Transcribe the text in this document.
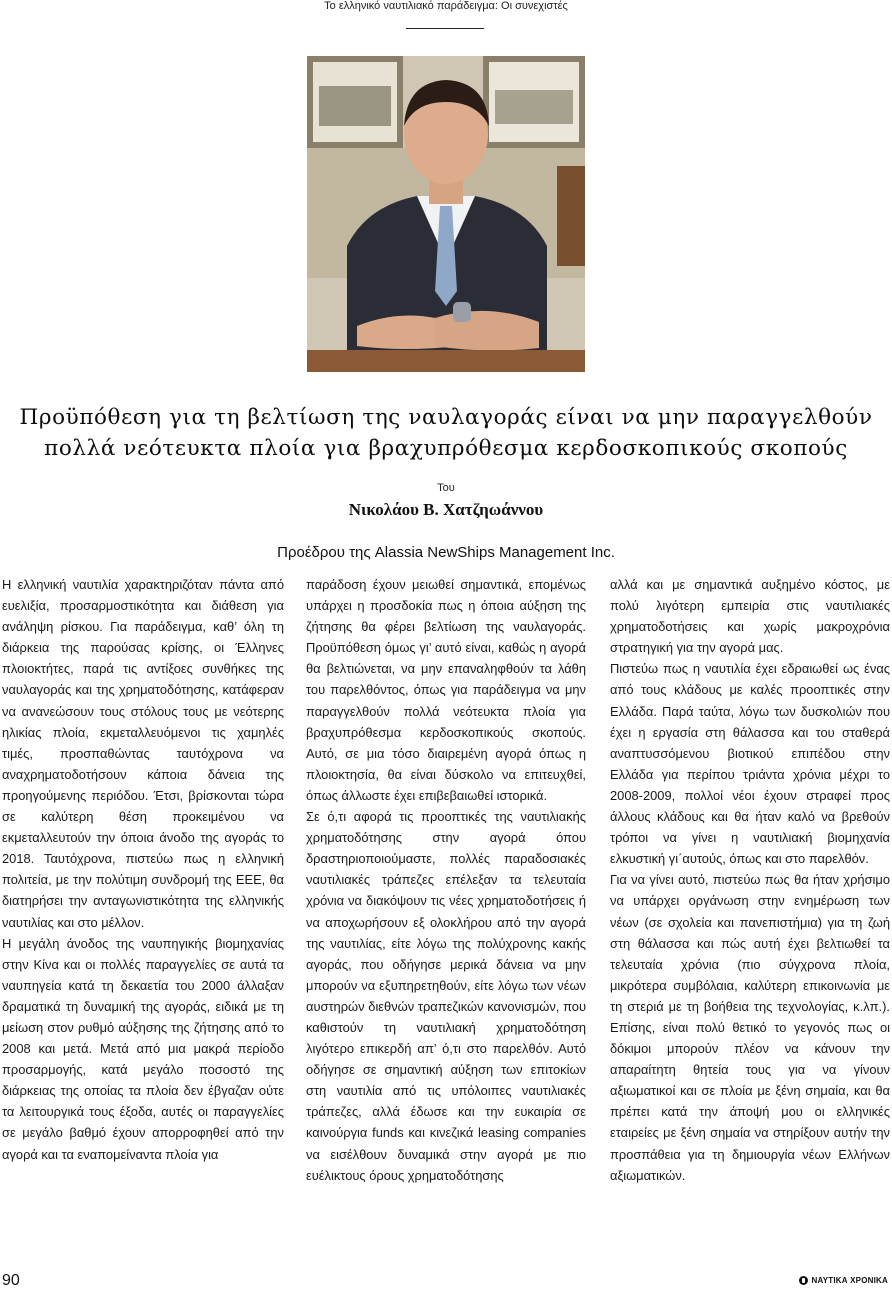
Το ελληνικό ναυτιλιακό παράδειγμα: Οι συνεχιστές
Προϋπόθεση για τη βελτίωση της ναυλαγοράς είναι να μην παραγγελθούν πολλά νεότευκτα πλοία για βραχυπρόθεσμα κερδοσκοπικούς σκοπούς
Του
Νικολάου Β. Χατζηωάννου
Προέδρου της Alassia NewShips Management Inc.

Η ελληνική ναυτιλία χαρακτηριζόταν πάντα από ευελιξία, προσαρμοστικότητα και διάθεση για ανάληψη ρίσκου. Για παράδειγμα, καθ’ όλη τη διάρκεια της παρούσας κρίσης, οι Έλληνες πλοιοκτήτες, παρά τις αντίξοες συνθήκες της ναυλαγοράς και της χρηματοδότησης, κατάφεραν να ανανεώσουν τους στόλους τους με νεότερης ηλικίας πλοία, εκμεταλλευόμενοι τις χαμηλές τιμές, προσπαθώντας ταυτόχρονα να αναχρηματοδοτήσουν κάποια δάνεια της προηγούμενης περιόδου. Έτσι, βρίσκονται τώρα σε καλύτερη θέση προκειμένου να εκμεταλλευτούν την όποια άνοδο της αγοράς το 2018. Ταυτόχρονα, πιστεύω πως η ελληνική πολιτεία, με την πολύτιμη συνδρομή της ΕΕΕ, θα διατηρήσει την ανταγωνιστικότητα της ελληνικής ναυτιλίας και στο μέλλον.

Η μεγάλη άνοδος της ναυπηγικής βιομηχανίας στην Κίνα και οι πολλές παραγγελίες σε αυτά τα ναυπηγεία κατά τη δεκαετία του 2000 άλλαξαν δραματικά τη δυναμική της αγοράς, ειδικά με τη μείωση στον ρυθμό αύξησης της ζήτησης από το 2008 και μετά. Μετά από μια μακρά περίοδο προσαρμογής, κατά μεγάλο ποσοστό της διάρκειας της οποίας τα πλοία δεν έβγαζαν ούτε τα λειτουργικά τους έξοδα, αυτές οι παραγγελίες σε μεγάλο βαθμό έχουν απορροφηθεί από την αγορά και τα εναπομείναντα πλοία για

παράδοση έχουν μειωθεί σημαντικά, επομένως υπάρχει η προσδοκία πως η όποια αύξηση της ζήτησης θα φέρει βελτίωση της ναυλαγοράς. Προϋπόθεση όμως γι’ αυτό είναι, καθώς η αγορά θα βελτιώνεται, να μην επαναληφθούν τα λάθη του παρελθόντος, όπως για παράδειγμα να μην παραγγελθούν πολλά νεότευκτα πλοία για βραχυπρόθεσμα κερδοσκοπικούς σκοπούς. Αυτό, σε μια τόσο διαιρεμένη αγορά όπως η πλοιοκτησία, θα είναι δύσκολο να επιτευχθεί, όπως άλλωστε έχει επιβεβαιωθεί ιστορικά.

Σε ό,τι αφορά τις προοπτικές της ναυτιλιακής χρηματοδότησης στην αγορά όπου δραστηριοποιούμαστε, πολλές παραδοσιακές ναυτιλιακές τράπεζες επέλεξαν τα τελευταία χρόνια να διακόψουν τις νέες χρηματοδοτήσεις ή να αποχωρήσουν εξ ολοκλήρου από την αγορά της ναυτιλίας, είτε λόγω της πολύχρονης κακής αγοράς, που οδήγησε μερικά δάνεια να μην μπορούν να εξυπηρετηθούν, είτε λόγω των νέων αυστηρών διεθνών τραπεζικών κανονισμών, που καθιστούν τη ναυτιλιακή χρηματοδότηση λιγότερο επικερδή απ’ ό,τι στο παρελθόν. Αυτό οδήγησε σε σημαντική αύξηση των επιτοκίων στη ναυτιλία από τις υπόλοιπες ναυτιλιακές τράπεζες, αλλά έδωσε και την ευκαιρία σε καινούργια funds και κινεζικά leasing companies να εισέλθουν δυναμικά στην αγορά με πιο ευέλικτους όρους χρηματοδότησης

αλλά και με σημαντικά αυξημένο κόστος, με πολύ λιγότερη εμπειρία στις ναυτιλιακές χρηματοδοτήσεις και χωρίς μακροχρόνια στρατηγική για την αγορά μας.

Πιστεύω πως η ναυτιλία έχει εδραιωθεί ως ένας από τους κλάδους με καλές προοπτικές στην Ελλάδα. Παρά ταύτα, λόγω των δυσκολιών που έχει η εργασία στη θάλασσα και του σταθερά αναπτυσσόμενου βιοτικού επιπέδου στην Ελλάδα για περίπου τριάντα χρόνια μέχρι το 2008-2009, πολλοί νέοι έχουν στραφεί προς άλλους κλάδους και θα ήταν καλό να βρεθούν τρόποι να γίνει η ναυτιλιακή βιομηχανία ελκυστική γι΄αυτούς, όπως και στο παρελθόν.

Για να γίνει αυτό, πιστεύω πως θα ήταν χρήσιμο να υπάρχει οργάνωση στην ενημέρωση των νέων (σε σχολεία και πανεπιστήμια) για τη ζωή στη θάλασσα και πώς αυτή έχει βελτιωθεί τα τελευταία χρόνια (πιο σύγχρονα πλοία, μικρότερα συμβόλαια, καλύτερη επικοινωνία με τη στεριά με τη βοήθεια της τεχνολογίας, κ.λπ.). Επίσης, είναι πολύ θετικό το γεγονός πως οι δόκιμοι μπορούν πλέον να κάνουν την απαραίτητη θητεία τους για να γίνουν αξιωματικοί και σε πλοία με ξένη σημαία, και θα πρέπει κατά την άποψή μου οι ελληνικές εταιρείες με ξένη σημαία να στηρίξουν αυτήν την προσπάθεια για τη δημιουργία νέων Ελλήνων αξιωματικών.

90	ΝΑΥΤΙΚΑ ΧΡΟΝΙΚΑ
